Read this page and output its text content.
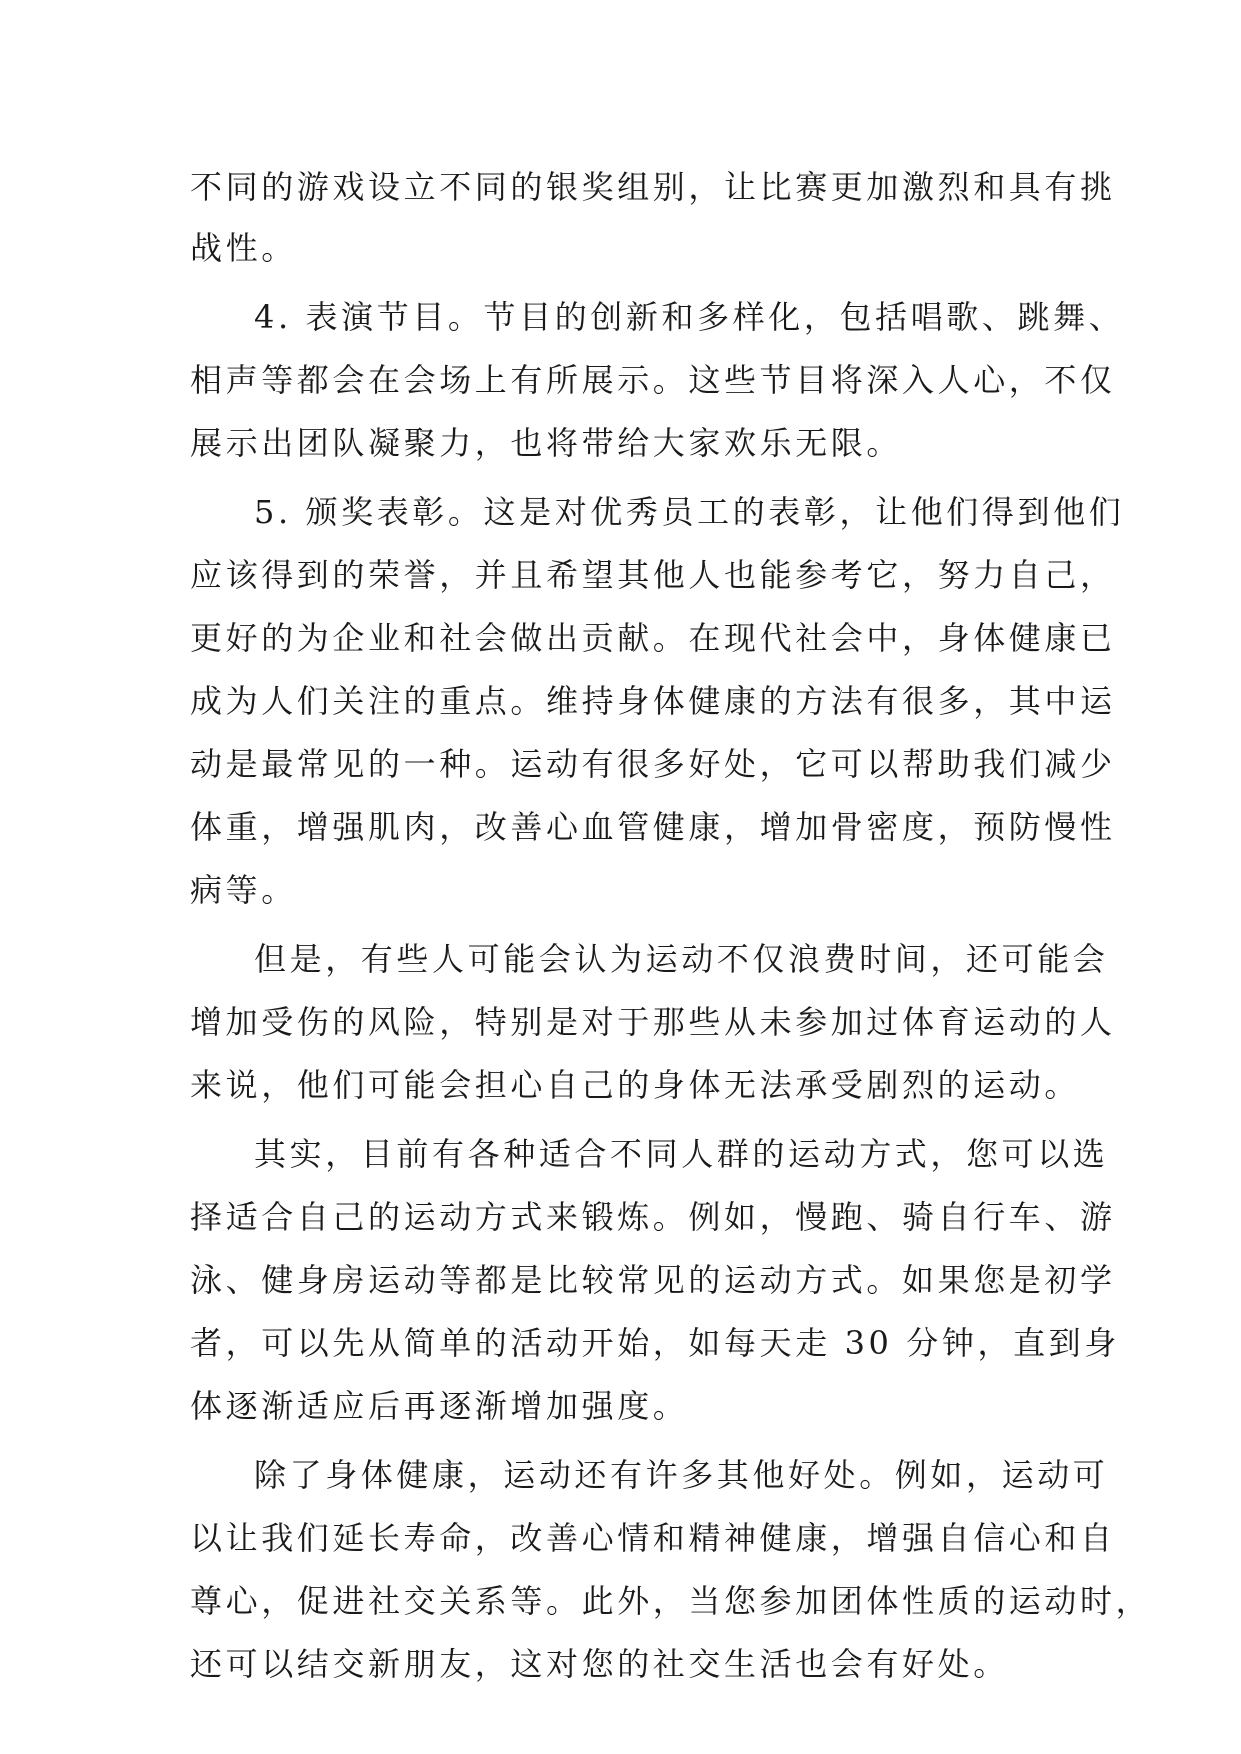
不同的游戏设立不同的银奖组别，让比赛更加激烈和具有挑
战性。
4. 表演节目。节目的创新和多样化，包括唱歌、跳舞、
相声等都会在会场上有所展示。这些节目将深入人心，不仅
展示出团队凝聚力，也将带给大家欢乐无限。
5. 颁奖表彰。这是对优秀员工的表彰，让他们得到他们
应该得到的荣誉，并且希望其他人也能参考它，努力自己，
更好的为企业和社会做出贡献。在现代社会中，身体健康已
成为人们关注的重点。维持身体健康的方法有很多，其中运
动是最常见的一种。运动有很多好处，它可以帮助我们减少
体重，增强肌肉，改善心血管健康，增加骨密度，预防慢性
病等。
但是，有些人可能会认为运动不仅浪费时间，还可能会
增加受伤的风险，特别是对于那些从未参加过体育运动的人
来说，他们可能会担心自己的身体无法承受剧烈的运动。
其实，目前有各种适合不同人群的运动方式，您可以选
择适合自己的运动方式来锻炼。例如，慢跑、骑自行车、游
泳、健身房运动等都是比较常见的运动方式。如果您是初学
者，可以先从简单的活动开始，如每天走 30 分钟，直到身
体逐渐适应后再逐渐增加强度。
除了身体健康，运动还有许多其他好处。例如，运动可
以让我们延长寿命，改善心情和精神健康，增强自信心和自
尊心，促进社交关系等。此外，当您参加团体性质的运动时，
还可以结交新朋友，这对您的社交生活也会有好处。
